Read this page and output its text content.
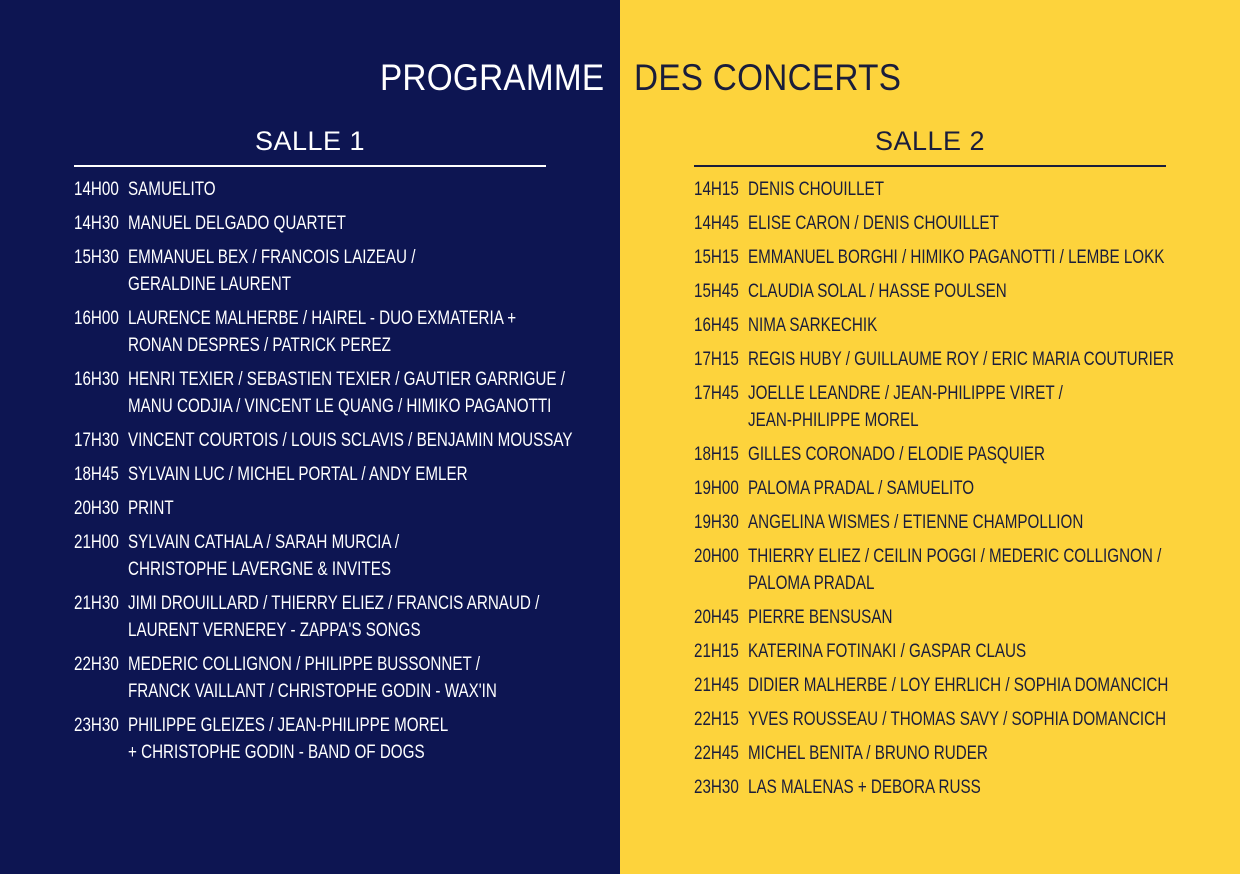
PROGRAMME DES CONCERTS
SALLE 1
14H00 SAMUELITO
14H30 MANUEL DELGADO QUARTET
15H30 EMMANUEL BEX / FRANCOIS LAIZEAU /
GERALDINE LAURENT
16H00 LAURENCE MALHERBE / HAIREL - DUO EXMATERIA +
RONAN DESPRES / PATRICK PEREZ
16H30 HENRI TEXIER / SEBASTIEN TEXIER / GAUTIER GARRIGUE /
MANU CODJIA / VINCENT LE QUANG / HIMIKO PAGANOTTI
17H30 VINCENT COURTOIS / LOUIS SCLAVIS / BENJAMIN MOUSSAY
18H45 SYLVAIN LUC / MICHEL PORTAL / ANDY EMLER
20H30 PRINT
21H00 SYLVAIN CATHALA / SARAH MURCIA /
CHRISTOPHE LAVERGNE & INVITES
21H30 JIMI DROUILLARD / THIERRY ELIEZ / FRANCIS ARNAUD /
LAURENT VERNEREY - ZAPPA'S SONGS
22H30 MEDERIC COLLIGNON / PHILIPPE BUSSONNET /
FRANCK VAILLANT / CHRISTOPHE GODIN - WAX'IN
23H30 PHILIPPE GLEIZES / JEAN-PHILIPPE MOREL
+ CHRISTOPHE GODIN - BAND OF DOGS
SALLE 2
14H15 DENIS CHOUILLET
14H45 ELISE CARON / DENIS CHOUILLET
15H15 EMMANUEL BORGHI / HIMIKO PAGANOTTI / LEMBE LOKK
15H45 CLAUDIA SOLAL / HASSE POULSEN
16H45 NIMA SARKECHIK
17H15 REGIS HUBY / GUILLAUME ROY / ERIC MARIA COUTURIER
17H45 JOELLE LEANDRE / JEAN-PHILIPPE VIRET /
JEAN-PHILIPPE MOREL
18H15 GILLES CORONADO / ELODIE PASQUIER
19H00 PALOMA PRADAL / SAMUELITO
19H30 ANGELINA WISMES / ETIENNE CHAMPOLLION
20H00 THIERRY ELIEZ / CEILIN POGGI / MEDERIC COLLIGNON /
PALOMA PRADAL
20H45 PIERRE BENSUSAN
21H15 KATERINA FOTINAKI / GASPAR CLAUS
21H45 DIDIER MALHERBE / LOY EHRLICH / SOPHIA DOMANCICH
22H15 YVES ROUSSEAU / THOMAS SAVY / SOPHIA DOMANCICH
22H45 MICHEL BENITA / BRUNO RUDER
23H30 LAS MALENAS + DEBORA RUSS
